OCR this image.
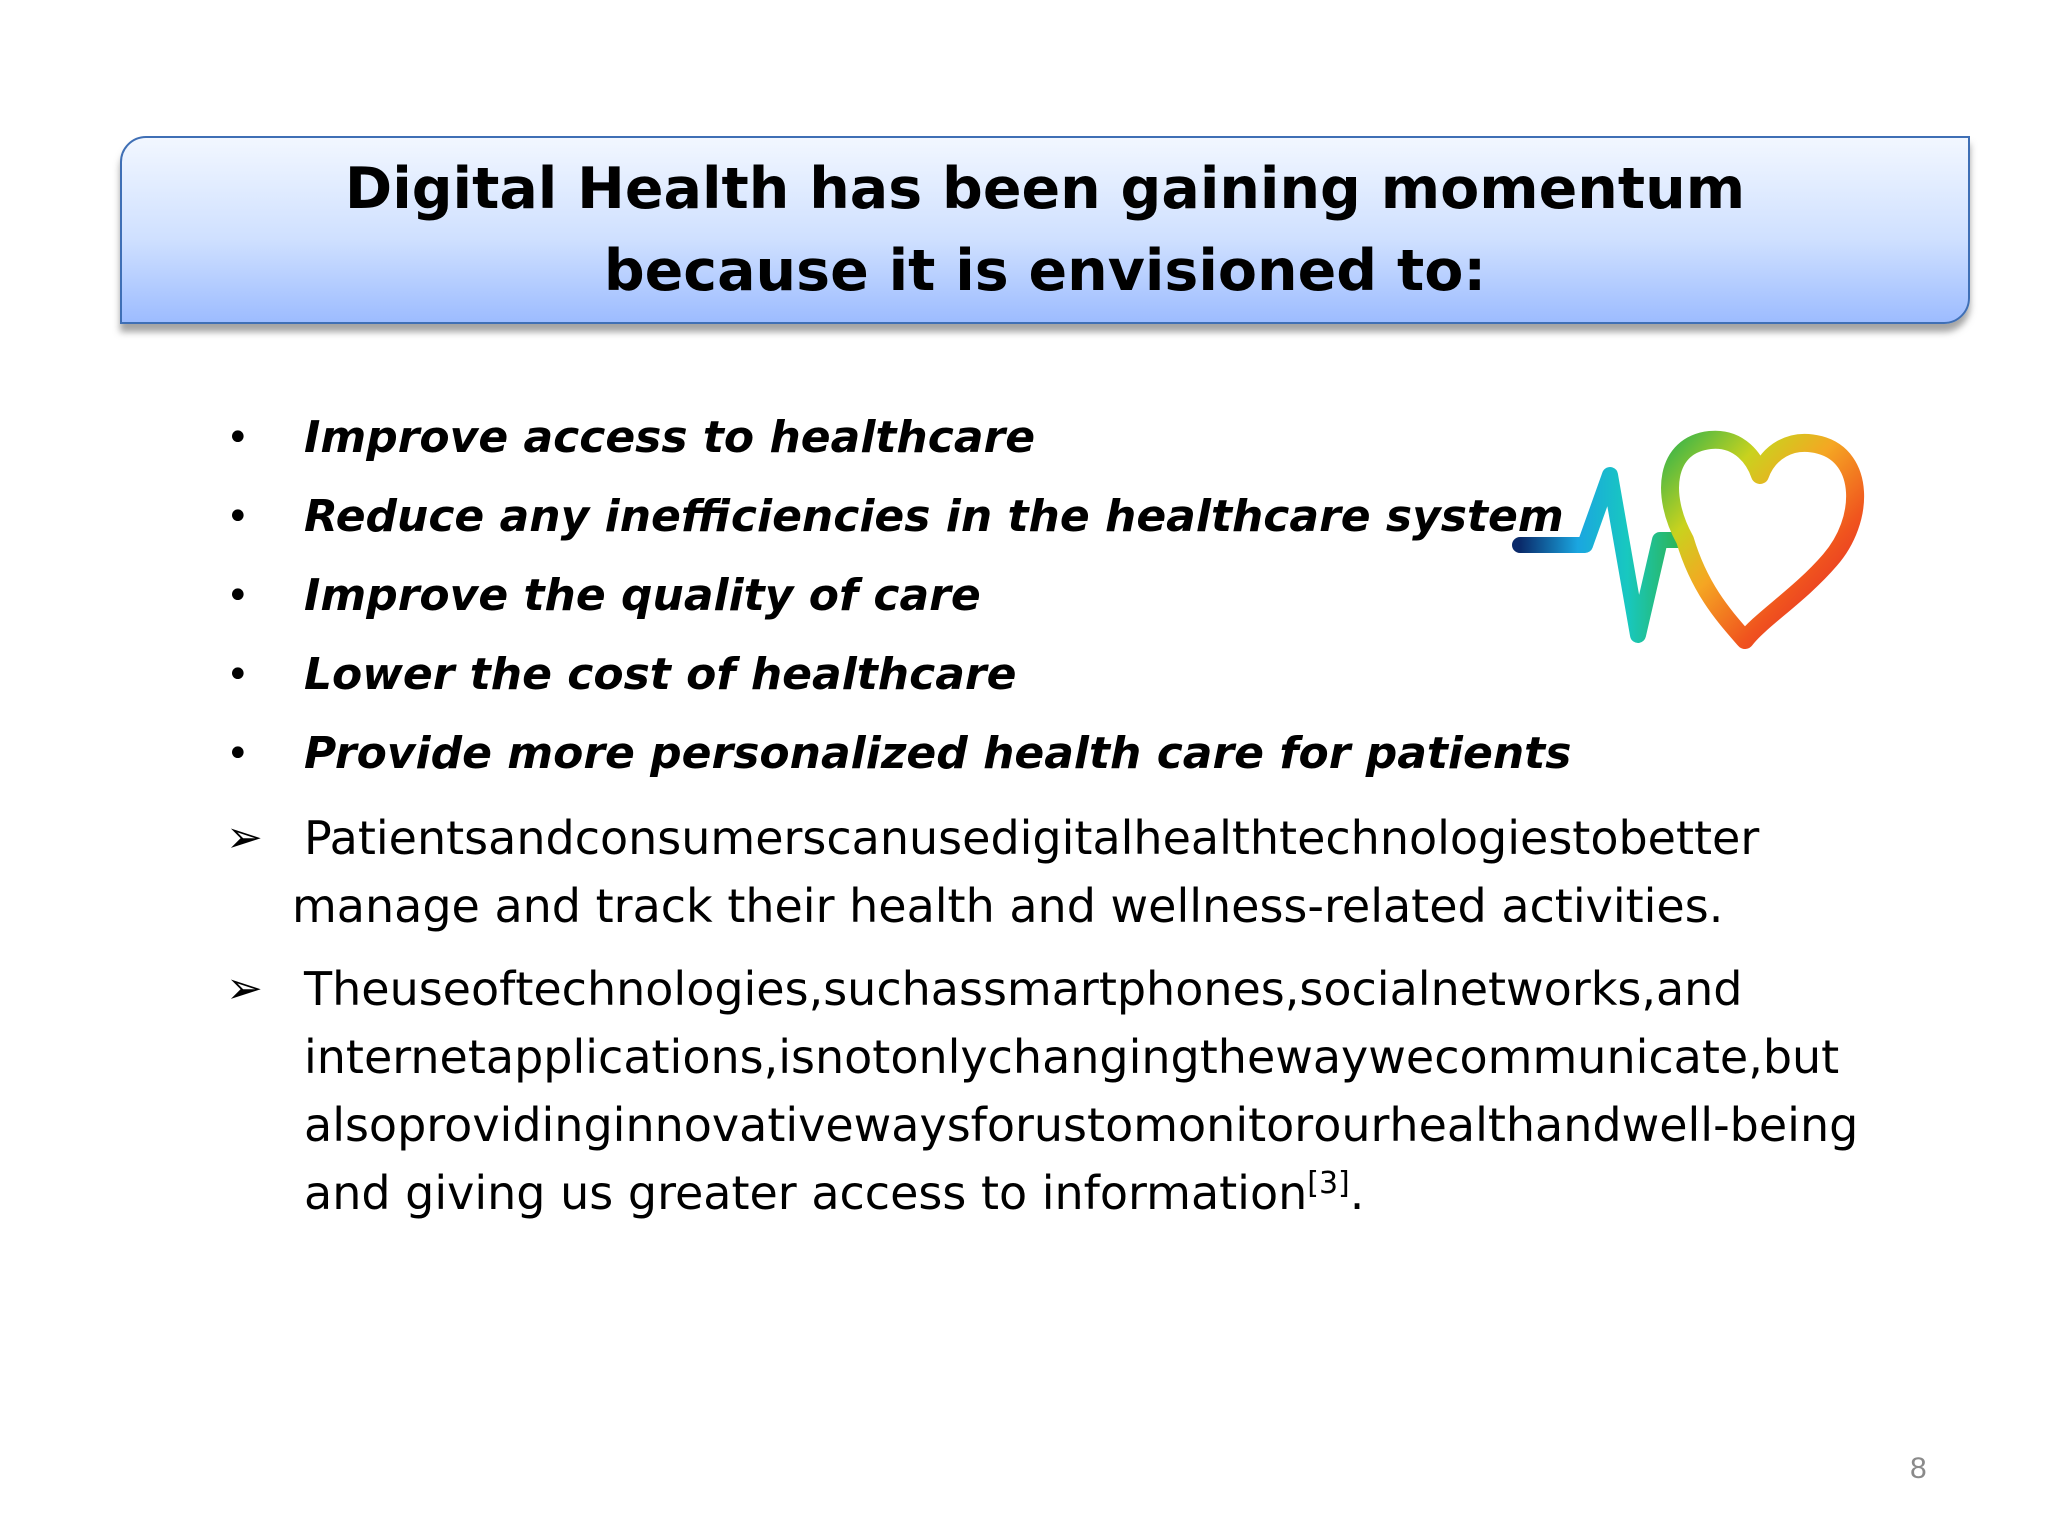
Digital Health has been gaining momentum because it is envisioned to:
• Improve access to healthcare
• Reduce any inefficiencies in the healthcare system
• Improve the quality of care
• Lower the cost of healthcare
• Provide more personalized health care for patients
➢ Patientsandconsumerscanusedigitalhealthtechnologiestobetter
manage and track their health and wellness-related activities.
➢ Theuseoftechnologies,suchassmartphones,socialnetworks,and
internetapplications,isnotonlychangingthewaywecommunicate,but
alsoprovidinginnovativewaysforustomonitorourhealthandwell-being
and giving us greater access to information[3].
8
